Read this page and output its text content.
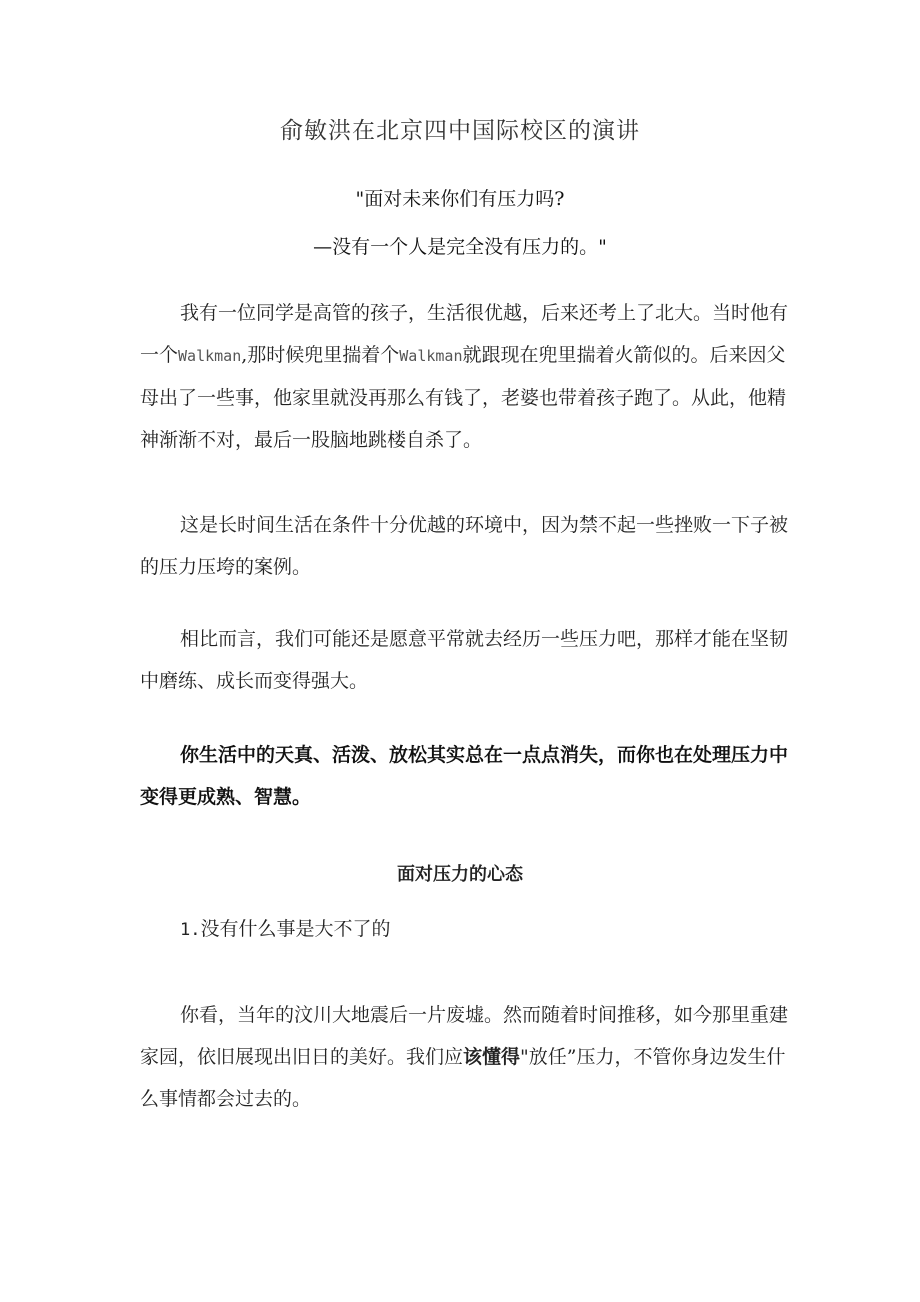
俞敏洪在北京四中国际校区的演讲

"面对未来你们有压力吗?

—没有一个人是完全没有压力的。"

我有一位同学是高管的孩子，生活很优越，后来还考上了北大。当时他有一个Walkman,那时候兜里揣着个Walkman就跟现在兜里揣着火箭似的。后来因父母出了一些事，他家里就没再那么有钱了，老婆也带着孩子跑了。从此，他精神渐渐不对，最后一股脑地跳楼自杀了。

这是长时间生活在条件十分优越的环境中，因为禁不起一些挫败一下子被的压力压垮的案例。

相比而言，我们可能还是愿意平常就去经历一些压力吧，那样才能在坚韧中磨练、成长而变得强大。

你生活中的天真、活泼、放松其实总在一点点消失，而你也在处理压力中变得更成熟、智慧。

面对压力的心态

1.没有什么事是大不了的

你看，当年的汶川大地震后一片废墟。然而随着时间推移，如今那里重建家园，依旧展现出旧日的美好。我们应该懂得"放任”压力，不管你身边发生什么事情都会过去的。
